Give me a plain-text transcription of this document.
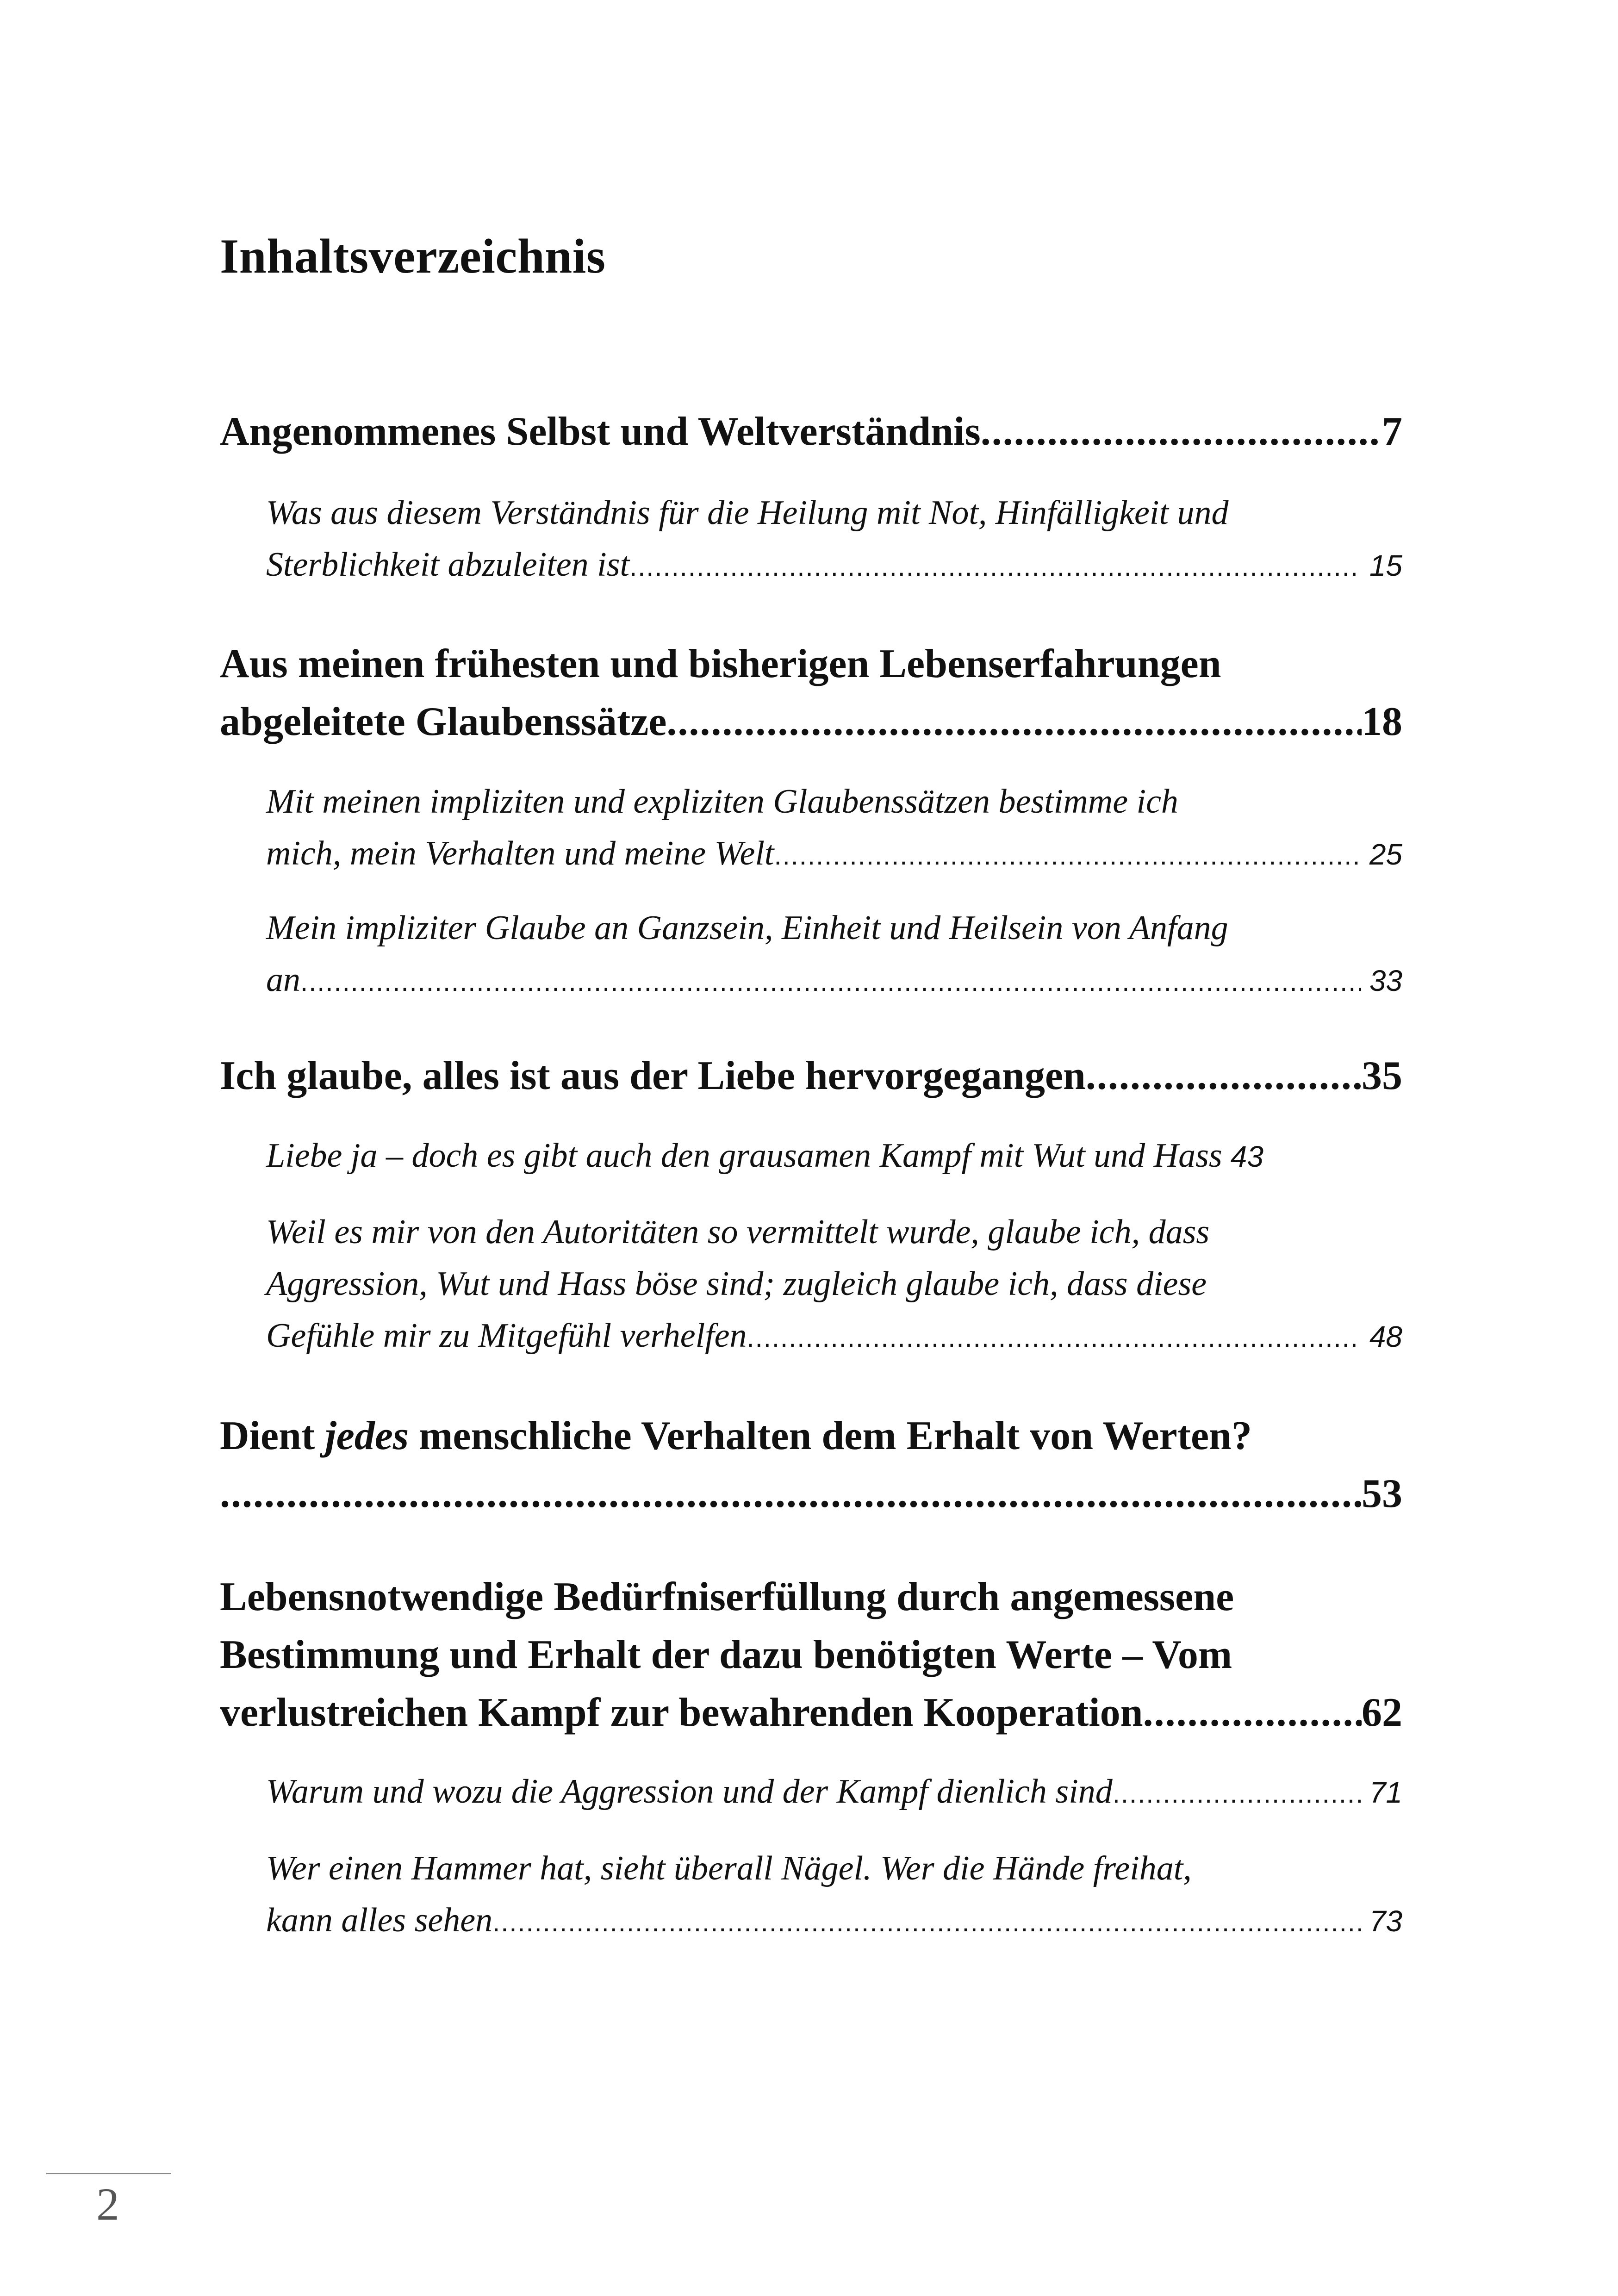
Inhaltsverzeichnis
Angenommenes Selbst und Weltverständnis .....	7
Was aus diesem Verständnis für die Heilung mit Not, Hinfälligkeit und
Sterblichkeit abzuleiten ist .....	15
Aus meinen frühesten und bisherigen Lebenserfahrungen
abgeleitete Glaubenssätze .....	18
Mit meinen impliziten und expliziten Glaubenssätzen bestimme ich
mich, mein Verhalten und meine Welt .....	25
Mein impliziter Glaube an Ganzsein, Einheit und Heilsein von Anfang
an .....	33
Ich glaube, alles ist aus der Liebe hervorgegangen .....	35
Liebe ja – doch es gibt auch den grausamen Kampf mit Wut und Hass 43
Weil es mir von den Autoritäten so vermittelt wurde, glaube ich, dass
Aggression, Wut und Hass böse sind; zugleich glaube ich, dass diese
Gefühle mir zu Mitgefühl verhelfen .....	48
Dient jedes menschliche Verhalten dem Erhalt von Werten?
.....
53
Lebensnotwendige Bedürfniserfüllung durch angemessene
Bestimmung und Erhalt der dazu benötigten Werte – Vom
verlustreichen Kampf zur bewahrenden Kooperation .....	62
Warum und wozu die Aggression und der Kampf dienlich sind .....	71
Wer einen Hammer hat, sieht überall Nägel. Wer die Hände freihat,
kann alles sehen .....	73
2
